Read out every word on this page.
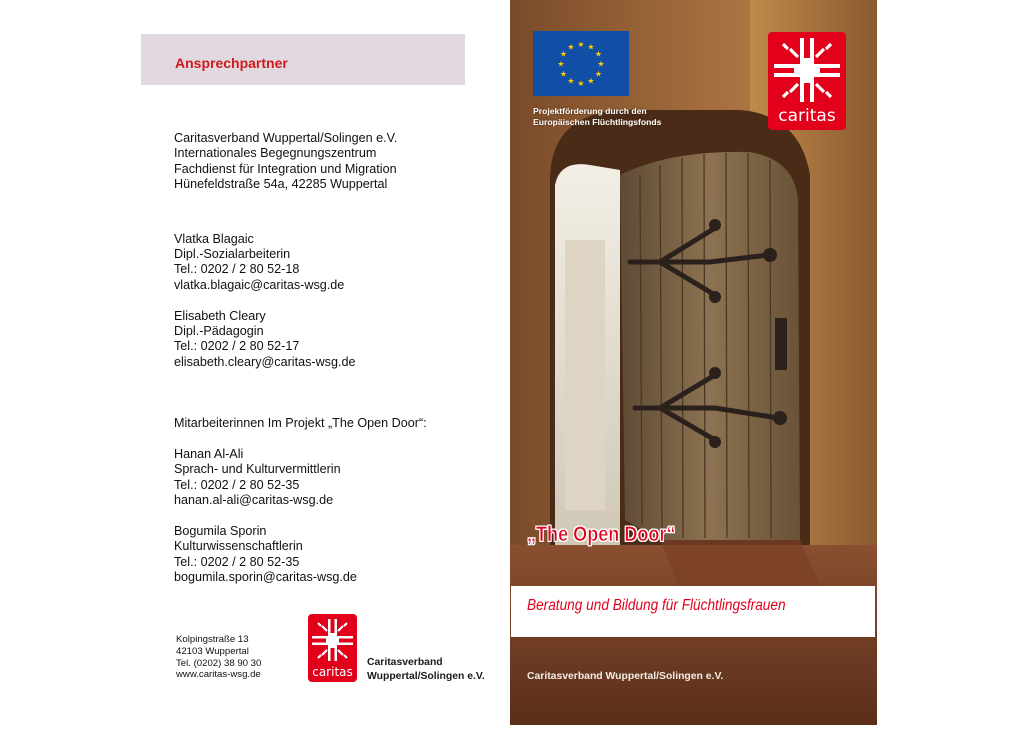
Ansprechpartner
Caritasverband Wuppertal/Solingen e.V.
Internationales Begegnungszentrum
Fachdienst für Integration und Migration
Hünefeldstraße 54a, 42285 Wuppertal
Vlatka Blagaic
Dipl.-Sozialarbeiterin
Tel.: 0202 / 2 80 52-18
vlatka.blagaic@caritas-wsg.de
Elisabeth Cleary
Dipl.-Pädagogin
Tel.: 0202 / 2 80 52-17
elisabeth.cleary@caritas-wsg.de
Mitarbeiterinnen Im Projekt „The Open Door“:
Hanan Al-Ali
Sprach- und Kulturvermittlerin
Tel.: 0202 / 2 80 52-35
hanan.al-ali@caritas-wsg.de
Bogumila Sporin
Kulturwissenschaftlerin
Tel.: 0202 / 2 80 52-35
bogumila.sporin@caritas-wsg.de
Kolpingstraße 13
42103 Wuppertal
Tel. (0202) 38 90 30
www.caritas-wsg.de	caritas
Caritasverband
Wuppertal/Solingen e.V.
★ ★
★
★
★
★
★
★
★
★
★
★
Projektförderung durch den
Europäischen Flüchtlingsfonds	caritas
„The Open Door“
Beratung und Bildung für Flüchtlingsfrauen
Caritasverband Wuppertal/Solingen e.V.
